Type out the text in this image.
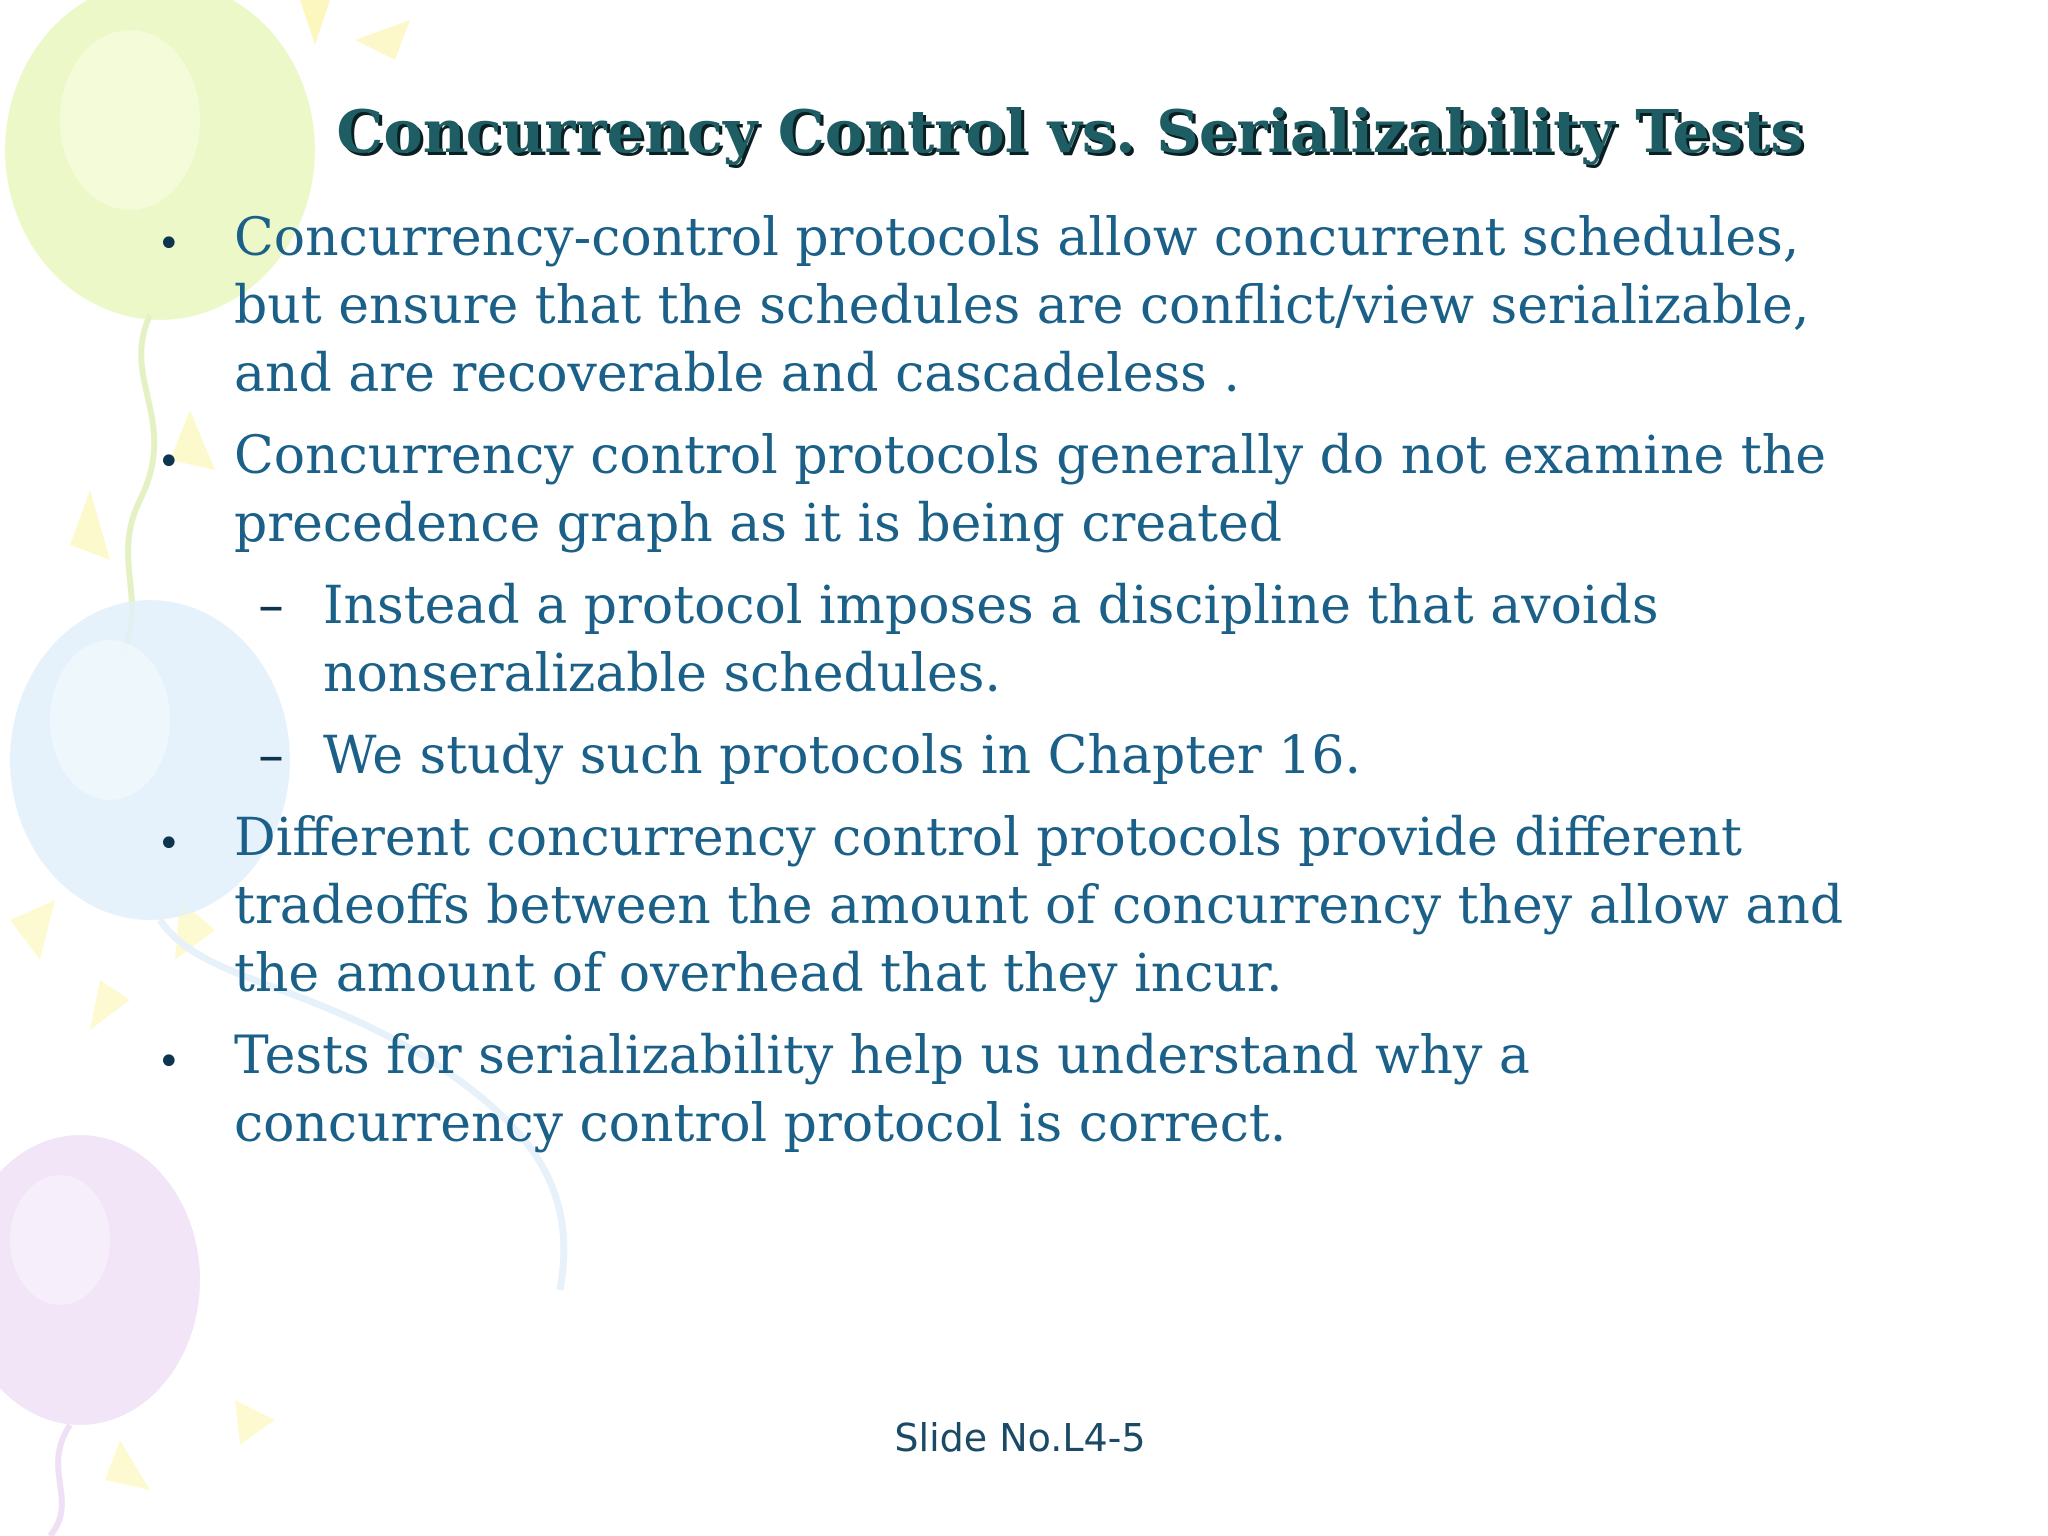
Concurrency Control vs. Serializability Tests
• Concurrency-control protocols allow concurrent schedules,

but ensure that the schedules are conflict/view serializable,

and are recoverable and cascadeless .

• Concurrency control protocols generally do not examine the

precedence graph as it is being created

– Instead a protocol imposes a discipline that avoids

nonseralizable schedules.

– We study such protocols in Chapter 16.

• Different concurrency control protocols provide different

tradeoffs between the amount of concurrency they allow and

the amount of overhead that they incur.

• Tests for serializability help us understand why a

concurrency control protocol is correct.

Slide No.L4-5
